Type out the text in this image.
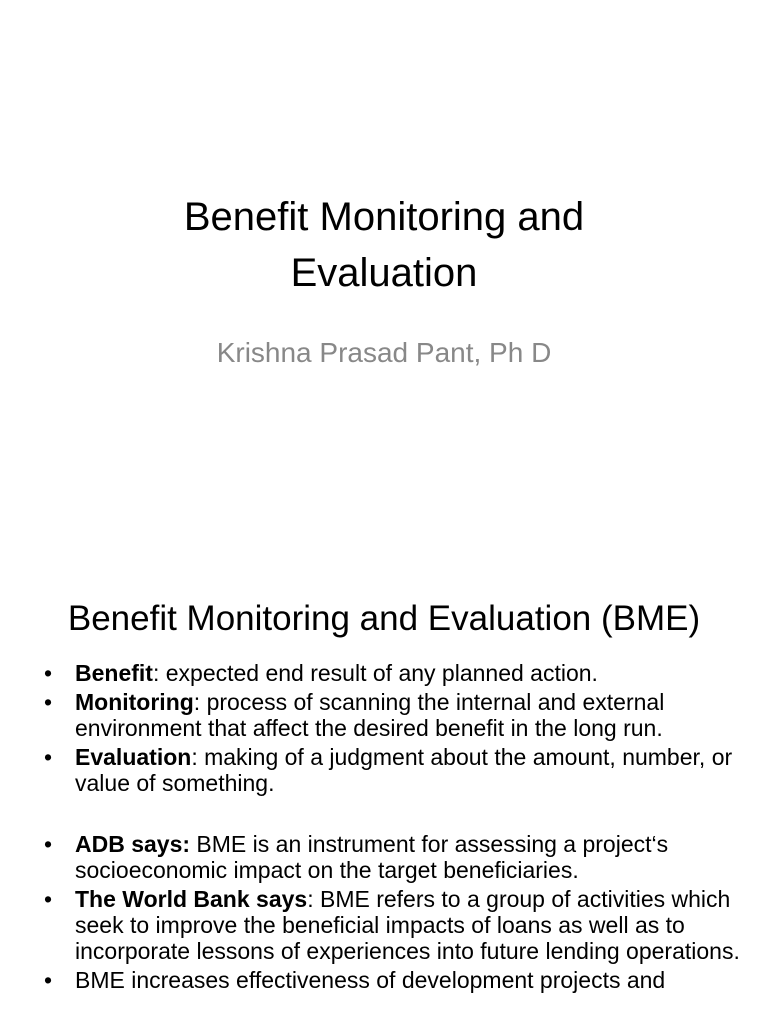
Benefit Monitoring and
Evaluation
Krishna Prasad Pant, Ph D
Benefit Monitoring and Evaluation (BME)
• Benefit: expected end result of any planned action.
• Monitoring: process of scanning the internal and external environment that affect the desired benefit in the long run.
• Evaluation: making of a judgment about the amount, number, or value of something.
• ADB says: BME is an instrument for assessing a project‘s socioeconomic impact on the target beneficiaries.
• The World Bank says: BME refers to a group of activities which seek to improve the beneficial impacts of loans as well as to incorporate lessons of experiences into future lending operations.
• BME increases effectiveness of development projects and
